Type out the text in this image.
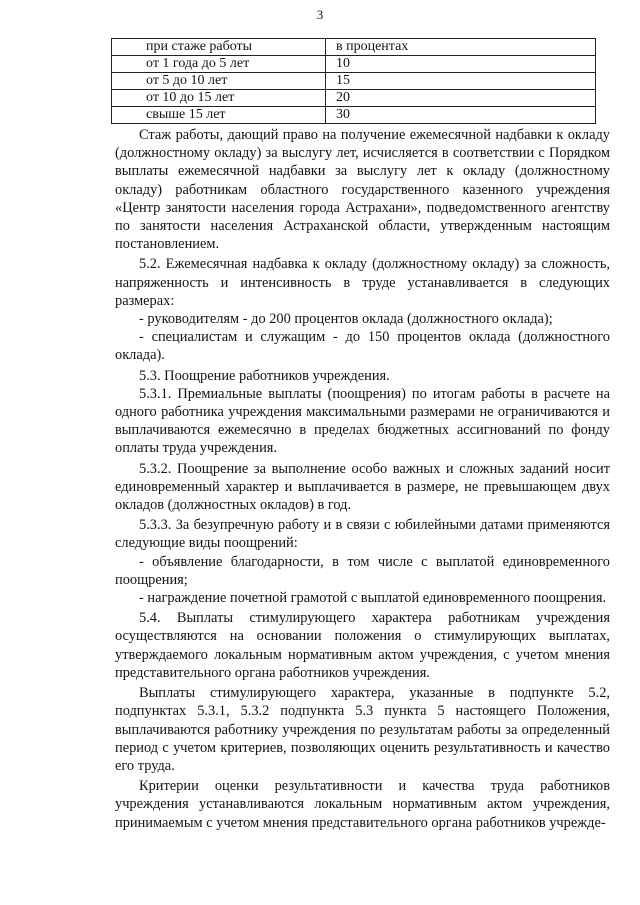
3
при стаже работы	в процентах
от 1 года до 5 лет	10
от 5 до 10 лет	15
от 10 до 15 лет	20
свыше 15 лет	30

Стаж работы, дающий право на получение ежемесячной надбавки к окладу (должностному окладу) за выслугу лет, исчисляется в соответствии с Порядком выплаты ежемесячной надбавки за выслугу лет к окладу (должностному окладу) работникам областного государственного казенного учреждения «Центр занятости населения города Астрахани», подведомственного агентству по занятости населения Астраханской области, утвержденным настоящим постановлением.

5.2. Ежемесячная надбавка к окладу (должностному окладу) за сложность, напряженность и интенсивность в труде устанавливается в следующих размерах:

- руководителям - до 200 процентов оклада (должностного оклада);

- специалистам и служащим - до 150 процентов оклада (должностного оклада).

5.3. Поощрение работников учреждения.

5.3.1. Премиальные выплаты (поощрения) по итогам работы в расчете на одного работника учреждения максимальными размерами не ограничиваются и выплачиваются ежемесячно в пределах бюджетных ассигнований по фонду оплаты труда учреждения.

5.3.2. Поощрение за выполнение особо важных и сложных заданий носит единовременный характер и выплачивается в размере, не превышающем двух окладов (должностных окладов) в год.

5.3.3. За безупречную работу и в связи с юбилейными датами применяются следующие виды поощрений:

- объявление благодарности, в том числе с выплатой единовременного поощрения;

- награждение почетной грамотой с выплатой единовременного поощрения.

5.4. Выплаты стимулирующего характера работникам учреждения осуществляются на основании положения о стимулирующих выплатах, утверждаемого локальным нормативным актом учреждения, с учетом мнения представительного органа работников учреждения.

Выплаты стимулирующего характера, указанные в подпункте 5.2, подпунктах 5.3.1, 5.3.2 подпункта 5.3 пункта 5 настоящего Положения, выплачиваются работнику учреждения по результатам работы за определенный период с учетом критериев, позволяющих оценить результативность и качество его труда.

Критерии оценки результативности и качества труда работников учреждения устанавливаются локальным нормативным актом учреждения, принимаемым с учетом мнения представительного органа работников учрежде-
